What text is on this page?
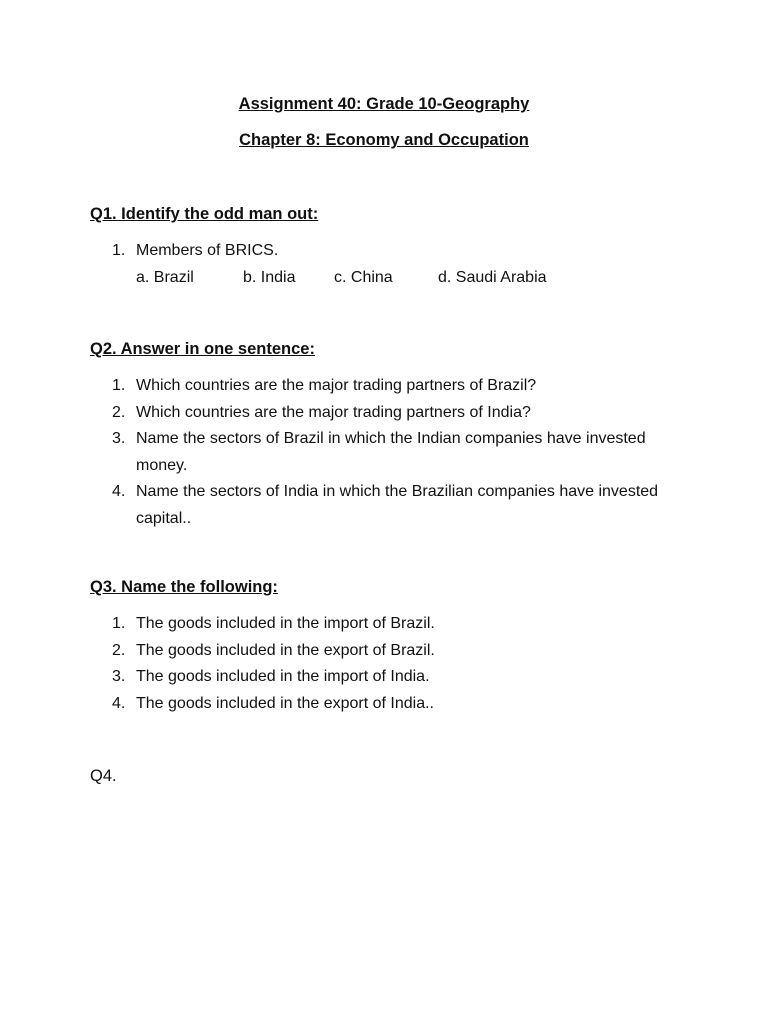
Assignment 40: Grade 10-Geography
Chapter 8: Economy and Occupation
Q1. Identify the odd man out:
1. Members of BRICS.
a. Brazil	b. India c. China	d. Saudi Arabia
Q2. Answer in one sentence:
1. Which countries are the major trading partners of Brazil?
2. Which countries are the major trading partners of India?
3. Name the sectors of Brazil in which the Indian companies have invested money.
4. Name the sectors of India in which the Brazilian companies have invested capital..
Q3. Name the following:
1. The goods included in the import of Brazil.
2. The goods included in the export of Brazil.
3. The goods included in the import of India.
4. The goods included in the export of India..
Q4.
